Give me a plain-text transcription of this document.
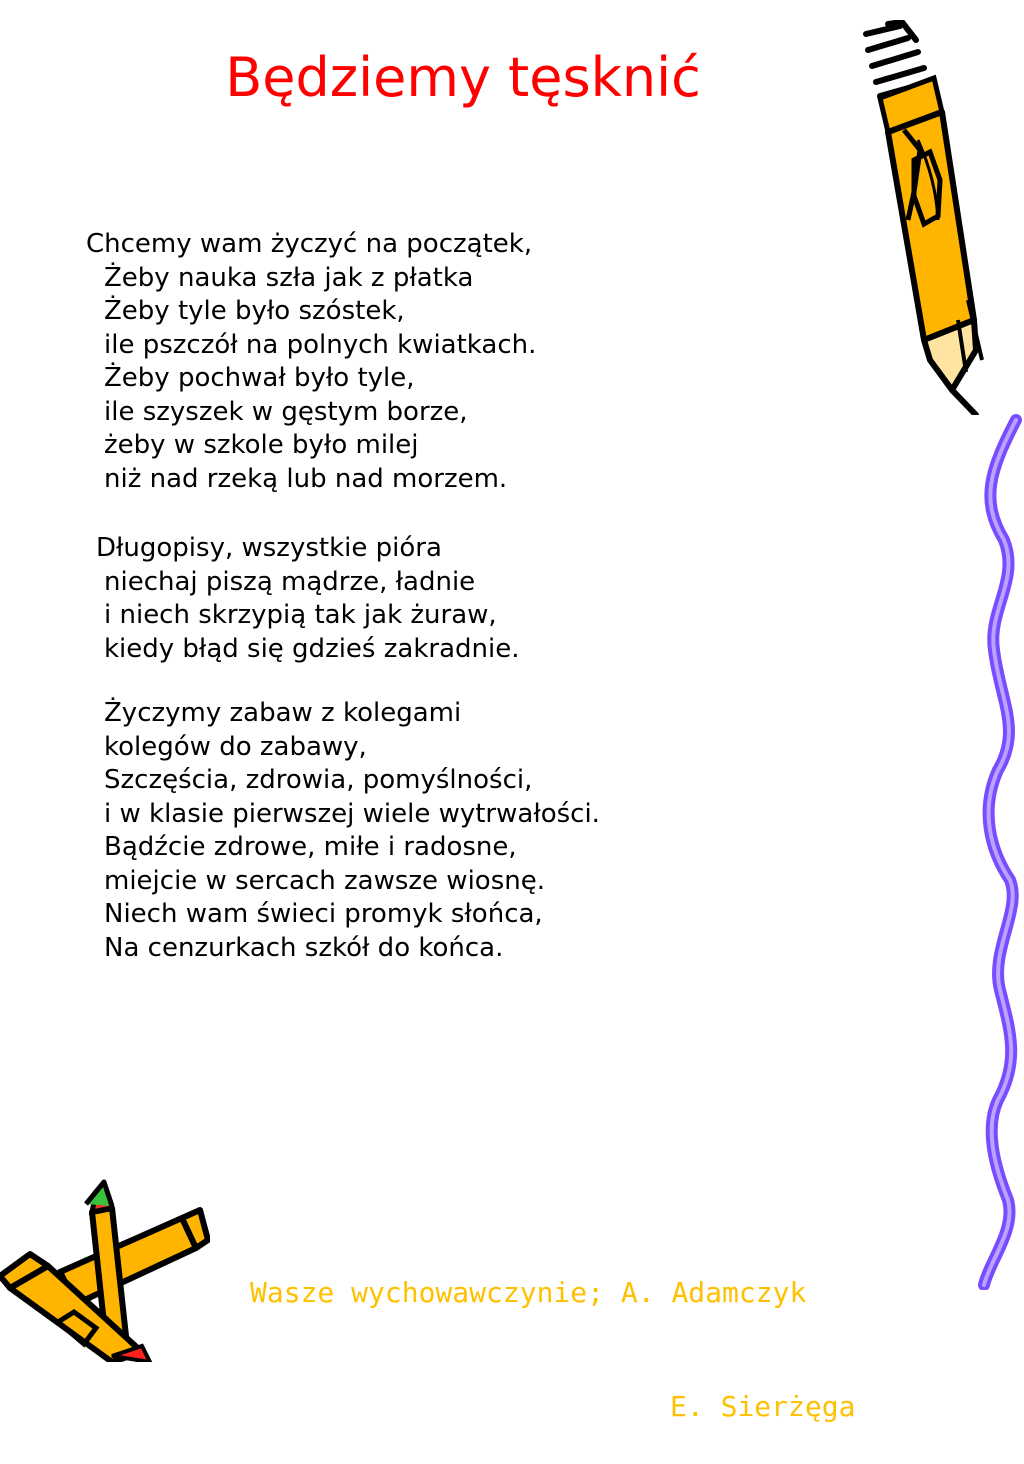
Będziemy tęsknić
Chcemy wam życzyć na początek,
Żeby nauka szła jak z płatka
Żeby tyle było szóstek,
ile pszczół na polnych kwiatkach.
Żeby pochwał było tyle,
ile szyszek w gęstym borze,
żeby w szkole było milej
niż nad rzeką lub nad morzem.
Długopisy, wszystkie pióra
niechaj piszą mądrze, ładnie
i niech skrzypią tak jak żuraw,
kiedy błąd się gdzieś zakradnie.
Życzymy zabaw z kolegami
kolegów do zabawy,
Szczęścia, zdrowia, pomyślności,
i w klasie pierwszej wiele wytrwałości.
Bądźcie zdrowe, miłe i radosne,
miejcie w sercach zawsze wiosnę.
Niech wam świeci promyk słońca,
Na cenzurkach szkół do końca.

Wasze wychowawczynie; A. Adamczyk

E. Sierżęga
